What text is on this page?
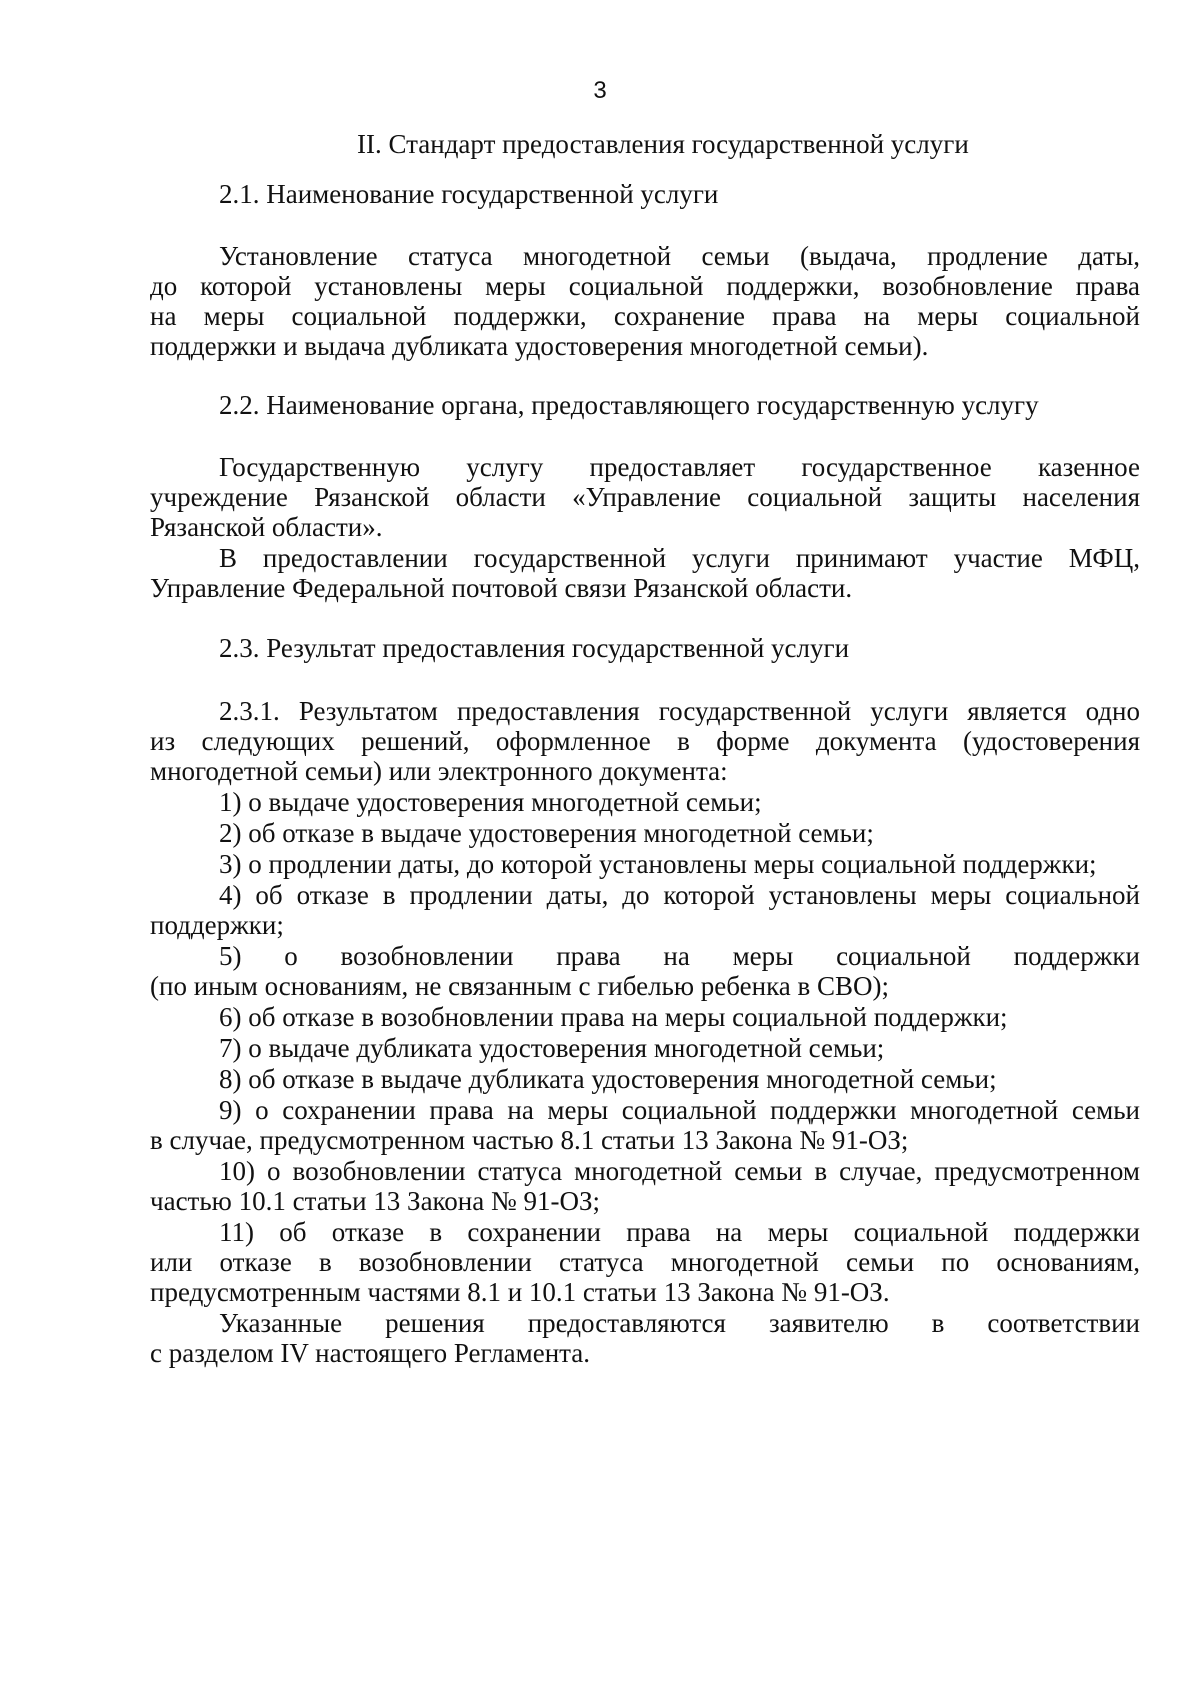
3
II. Стандарт предоставления государственной услуги
2.1. Наименование государственной услуги
Установление статуса многодетной семьи (выдача, продление даты,
до которой установлены меры социальной поддержки, возобновление права
на меры социальной поддержки, сохранение права на меры социальной
поддержки и выдача дубликата удостоверения многодетной семьи).
2.2. Наименование органа, предоставляющего государственную услугу
Государственную услугу предоставляет государственное казенное
учреждение Рязанской области «Управление социальной защиты населения
Рязанской области».
В предоставлении государственной услуги принимают участие МФЦ,
Управление Федеральной почтовой связи Рязанской области.
2.3. Результат предоставления государственной услуги
2.3.1. Результатом предоставления государственной услуги является одно
из следующих решений, оформленное в форме документа (удостоверения
многодетной семьи) или электронного документа:
1) о выдаче удостоверения многодетной семьи;
2) об отказе в выдаче удостоверения многодетной семьи;
3) о продлении даты, до которой установлены меры социальной поддержки;
4) об отказе в продлении даты, до которой установлены меры социальной
поддержки;
5) о возобновлении права на меры социальной поддержки
(по иным основаниям, не связанным с гибелью ребенка в СВО);
6) об отказе в возобновлении права на меры социальной поддержки;
7) о выдаче дубликата удостоверения многодетной семьи;
8) об отказе в выдаче дубликата удостоверения многодетной семьи;
9) о сохранении права на меры социальной поддержки многодетной семьи
в случае, предусмотренном частью 8.1 статьи 13 Закона № 91-ОЗ;
10) о возобновлении статуса многодетной семьи в случае, предусмотренном
частью 10.1 статьи 13 Закона № 91-ОЗ;
11) об отказе в сохранении права на меры социальной поддержки
или отказе в возобновлении статуса многодетной семьи по основаниям,
предусмотренным частями 8.1 и 10.1 статьи 13 Закона № 91-ОЗ.
Указанные решения предоставляются заявителю в соответствии
с разделом IV настоящего Регламента.
